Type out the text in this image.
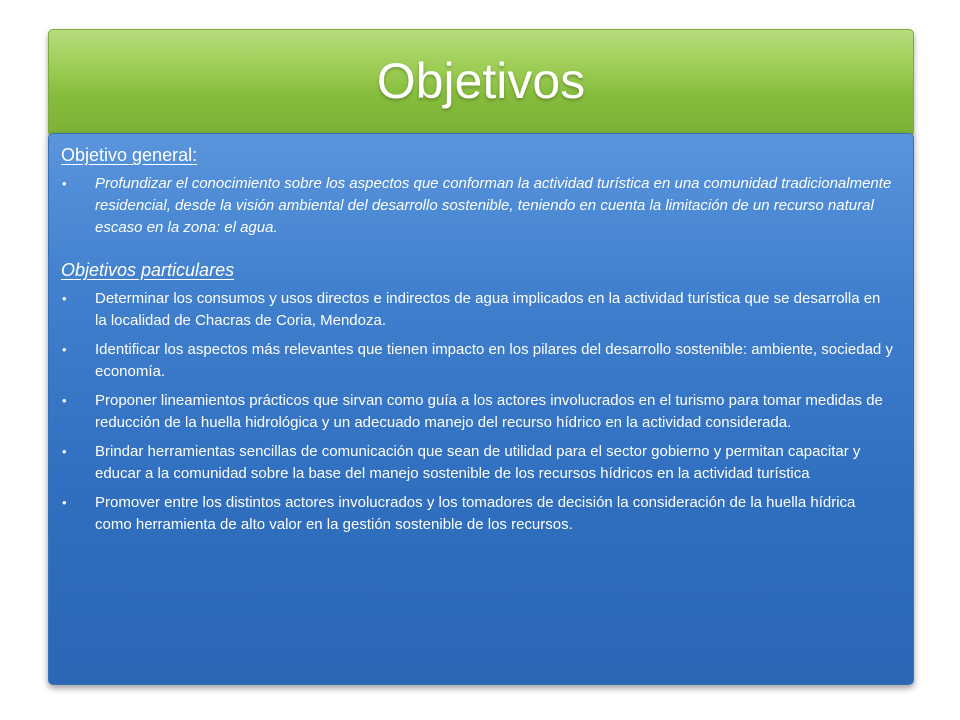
Objetivos
Objetivo general:
• Profundizar el conocimiento sobre los aspectos que conforman la actividad turística en una comunidad tradicionalmente residencial, desde la visión ambiental del desarrollo sostenible, teniendo en cuenta la limitación de un recurso natural escaso en la zona: el agua.
Objetivos particulares
• Determinar los consumos y usos directos e indirectos de agua implicados en la actividad turística que se desarrolla en la localidad de Chacras de Coria, Mendoza.
• Identificar los aspectos más relevantes que tienen impacto en los pilares del desarrollo sostenible: ambiente, sociedad y economía.
• Proponer lineamientos prácticos que sirvan como guía a los actores involucrados en el turismo para tomar medidas de reducción de la huella hidrológica y un adecuado manejo del recurso hídrico en la actividad considerada.
• Brindar herramientas sencillas de comunicación que sean de utilidad para el sector gobierno y permitan capacitar y educar a la comunidad sobre la base del manejo sostenible de los recursos hídricos en la actividad turística
• Promover entre los distintos actores involucrados y los tomadores de decisión la consideración de la huella hídrica como herramienta de alto valor en la gestión sostenible de los recursos.
